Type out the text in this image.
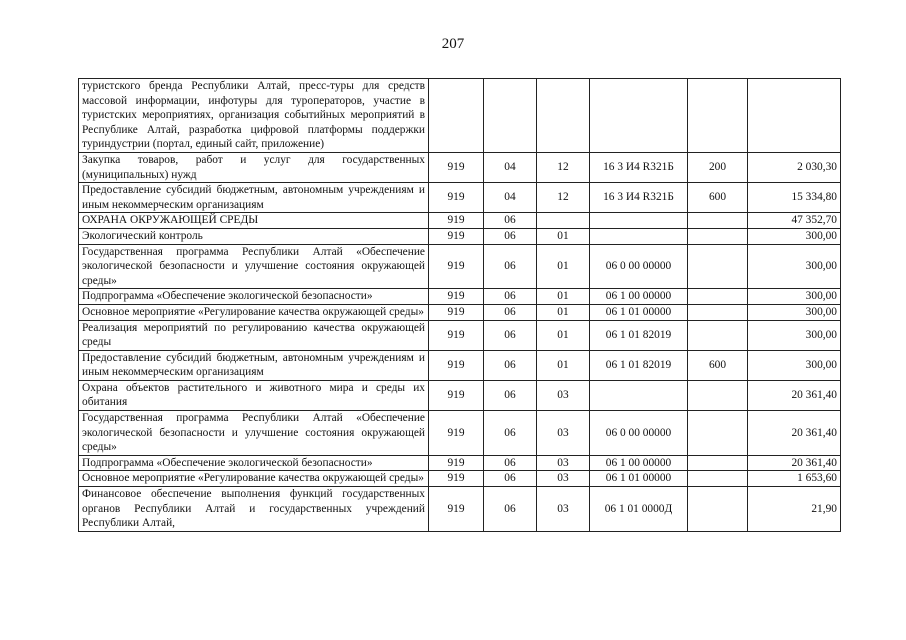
207
туристского бренда Республики Алтай, пресс-туры для средств массовой информации, инфотуры для туроператоров, участие в туристских мероприятиях, организация событийных мероприятий в Республике Алтай, разработка цифровой платформы поддержки туриндустрии (портал, единый сайт, приложение)						
Закупка товаров, работ и услуг для государственных (муниципальных) нужд	919	04	12	16 3 И4 R321Б	200	2 030,30
Предоставление субсидий бюджетным, автономным учреждениям и иным некоммерческим организациям	919	04	12	16 3 И4 R321Б	600	15 334,80
ОХРАНА ОКРУЖАЮЩЕЙ СРЕДЫ	919	06				47 352,70
Экологический контроль	919	06	01			300,00
Государственная программа Республики Алтай «Обеспечение экологической безопасности и улучшение состояния окружающей среды»	919	06	01	06 0 00 00000		300,00
Подпрограмма «Обеспечение экологической безопасности»	919	06	01	06 1 00 00000		300,00
Основное мероприятие «Регулирование качества окружающей среды»	919	06	01	06 1 01 00000		300,00
Реализация мероприятий по регулированию качества окружающей среды	919	06	01	06 1 01 82019		300,00
Предоставление субсидий бюджетным, автономным учреждениям и иным некоммерческим организациям	919	06	01	06 1 01 82019	600	300,00
Охрана объектов растительного и животного мира и среды их обитания	919	06	03			20 361,40
Государственная программа Республики Алтай «Обеспечение экологической безопасности и улучшение состояния окружающей среды»	919	06	03	06 0 00 00000		20 361,40
Подпрограмма «Обеспечение экологической безопасности»	919	06	03	06 1 00 00000		20 361,40
Основное мероприятие «Регулирование качества окружающей среды»	919	06	03	06 1 01 00000		1 653,60
Финансовое обеспечение выполнения функций государственных органов Республики Алтай и государственных учреждений Республики Алтай,	919	06	03	06 1 01 0000Д		21,90
